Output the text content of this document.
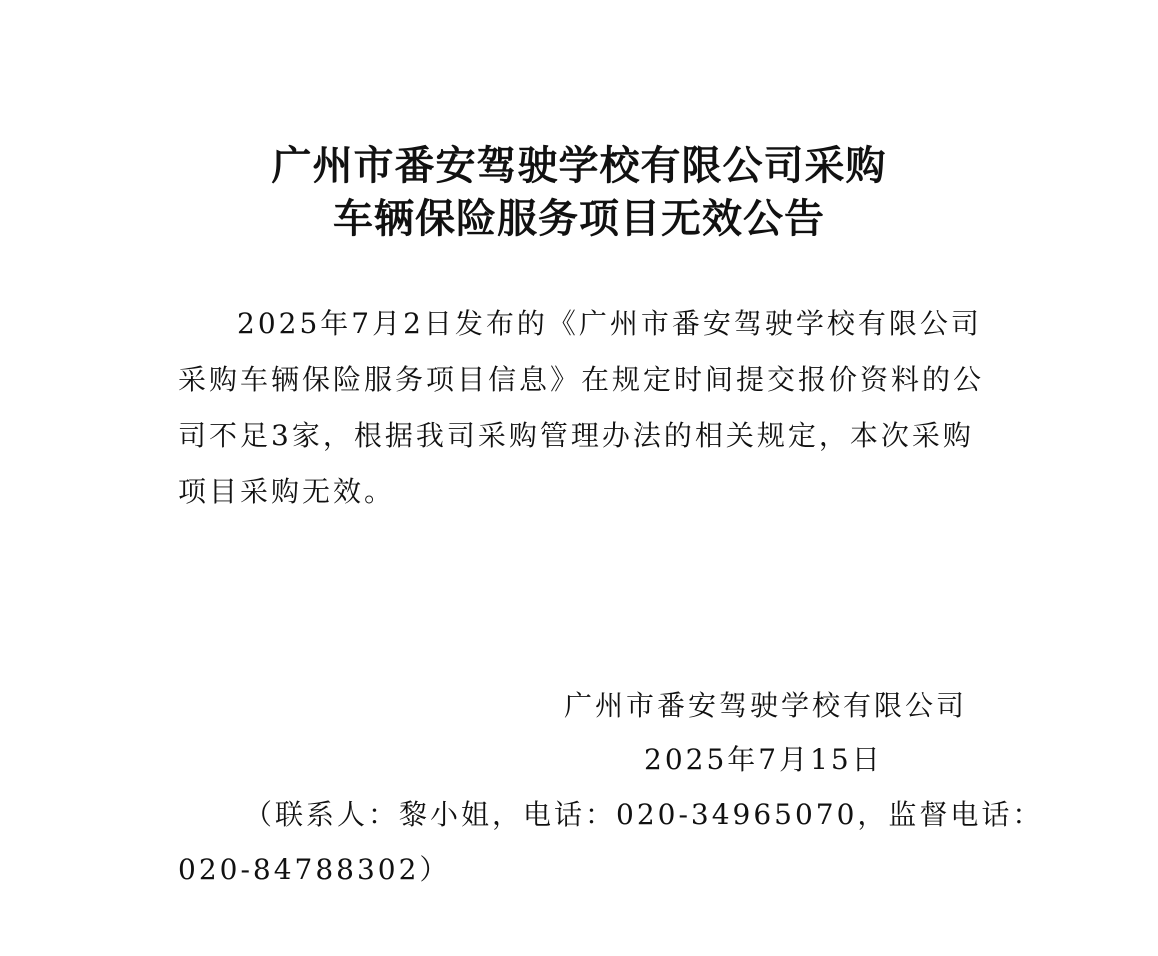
广州市番安驾驶学校有限公司采购
车辆保险服务项目无效公告
2025年7月2日发布的《广州市番安驾驶学校有限公司
采购车辆保险服务项目信息》在规定时间提交报价资料的公
司不足3家，根据我司采购管理办法的相关规定，本次采购
项目采购无效。
广州市番安驾驶学校有限公司
2025年7月15日
（联系人：黎小姐，电话：020-34965070，监督电话：
020-84788302）
